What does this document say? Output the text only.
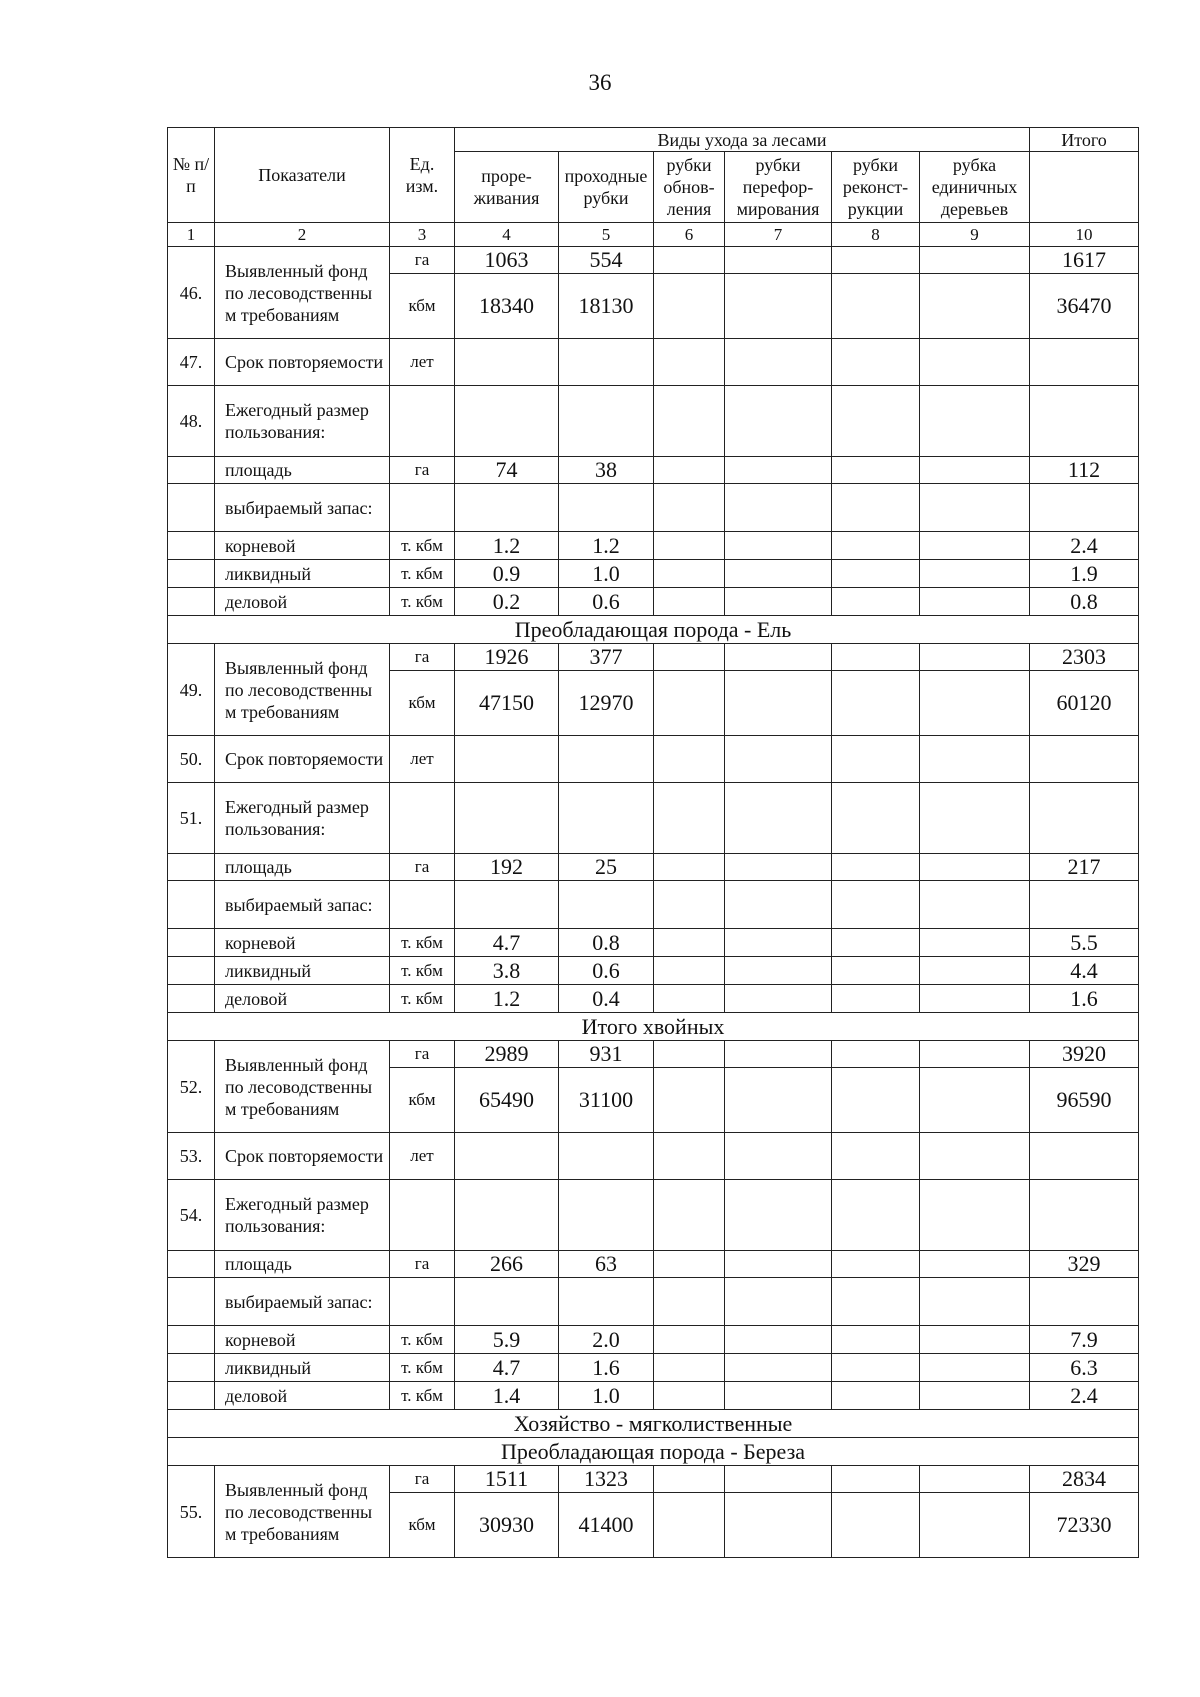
36
№ п/п	Показатели	Ед. изм.	Виды ухода за лесами						Итого
			проре-живания	проходные рубки	рубки обнов-ления	рубки перефор-мирования	рубки реконст-рукции	рубка единичных деревьев	
1	2	3	4	5	6	7	8	9	10
46.	Выявленный фонд по лесоводственны м требованиям	га	1063	554					1617
		кбм	18340	18130					36470
47.	Срок повторяемости	лет							
48.	Ежегодный размер пользования:								
	площадь	га	74	38					112
	выбираемый запас:								
	корневой	т. кбм	1.2	1.2					2.4
	ликвидный	т. кбм	0.9	1.0					1.9
	деловой	т. кбм	0.2	0.6					0.8
Преобладающая порода - Ель									
49.	Выявленный фонд по лесоводственны м требованиям	га	1926	377					2303
		кбм	47150	12970					60120
50.	Срок повторяемости	лет							
51.	Ежегодный размер пользования:								
	площадь	га	192	25					217
	выбираемый запас:								
	корневой	т. кбм	4.7	0.8					5.5
	ликвидный	т. кбм	3.8	0.6					4.4
	деловой	т. кбм	1.2	0.4					1.6
Итого хвойных									
52.	Выявленный фонд по лесоводственны м требованиям	га	2989	931					3920
		кбм	65490	31100					96590
53.	Срок повторяемости	лет							
54.	Ежегодный размер пользования:								
	площадь	га	266	63					329
	выбираемый запас:								
	корневой	т. кбм	5.9	2.0					7.9
	ликвидный	т. кбм	4.7	1.6					6.3
	деловой	т. кбм	1.4	1.0					2.4
Хозяйство - мягколиственные									
Преобладающая порода - Береза									
55.	Выявленный фонд по лесоводственны м требованиям	га	1511	1323					2834
		кбм	30930	41400					72330
